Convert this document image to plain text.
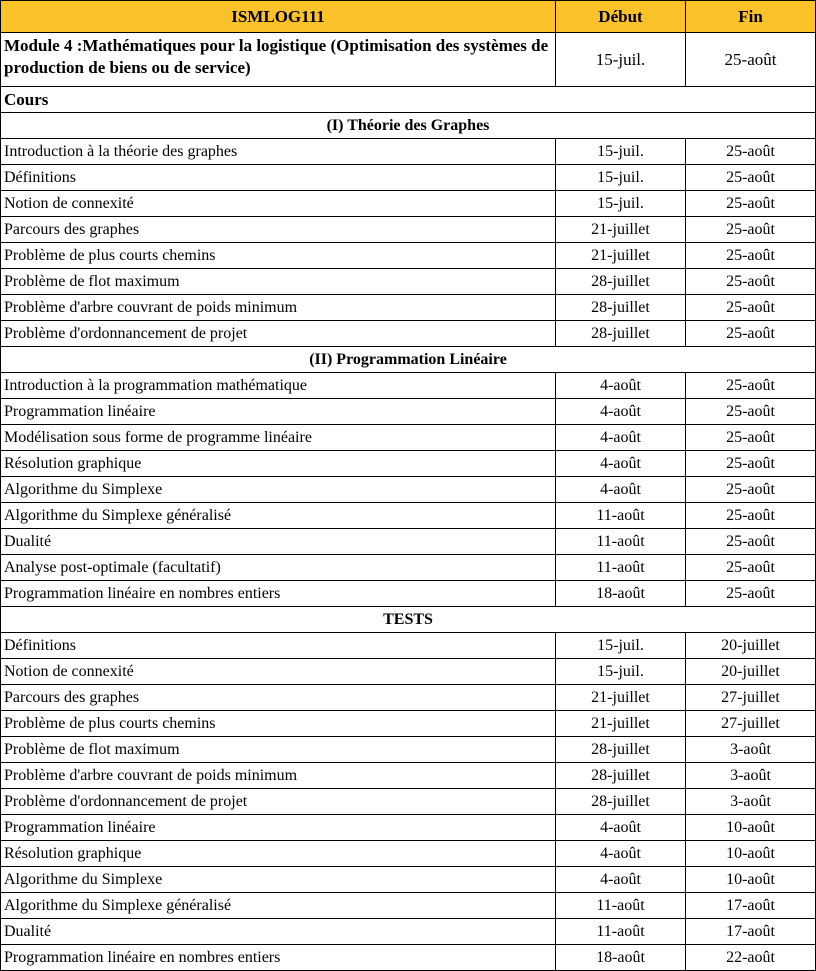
ISMLOG111	Début	Fin
Module 4 :Mathématiques pour la logistique (Optimisation des systèmes de production de biens ou de service)	15-juil.	25-août
Cours		
(I) Théorie des Graphes		
Introduction à la théorie des graphes	15-juil.	25-août
Définitions	15-juil.	25-août
Notion de connexité	15-juil.	25-août
Parcours des graphes	21-juillet	25-août
Problème de plus courts chemins	21-juillet	25-août
Problème de flot maximum	28-juillet	25-août
Problème d'arbre couvrant de poids minimum	28-juillet	25-août
Problème d'ordonnancement de projet	28-juillet	25-août
(II) Programmation Linéaire		
Introduction à la programmation mathématique	4-août	25-août
Programmation linéaire	4-août	25-août
Modélisation sous forme de programme linéaire	4-août	25-août
Résolution graphique	4-août	25-août
Algorithme du Simplexe	4-août	25-août
Algorithme du Simplexe généralisé	11-août	25-août
Dualité	11-août	25-août
Analyse post-optimale (facultatif)	11-août	25-août
Programmation linéaire en nombres entiers	18-août	25-août
TESTS		
Définitions	15-juil.	20-juillet
Notion de connexité	15-juil.	20-juillet
Parcours des graphes	21-juillet	27-juillet
Problème de plus courts chemins	21-juillet	27-juillet
Problème de flot maximum	28-juillet	3-août
Problème d'arbre couvrant de poids minimum	28-juillet	3-août
Problème d'ordonnancement de projet	28-juillet	3-août
Programmation linéaire	4-août	10-août
Résolution graphique	4-août	10-août
Algorithme du Simplexe	4-août	10-août
Algorithme du Simplexe généralisé	11-août	17-août
Dualité	11-août	17-août
Programmation linéaire en nombres entiers	18-août	22-août
